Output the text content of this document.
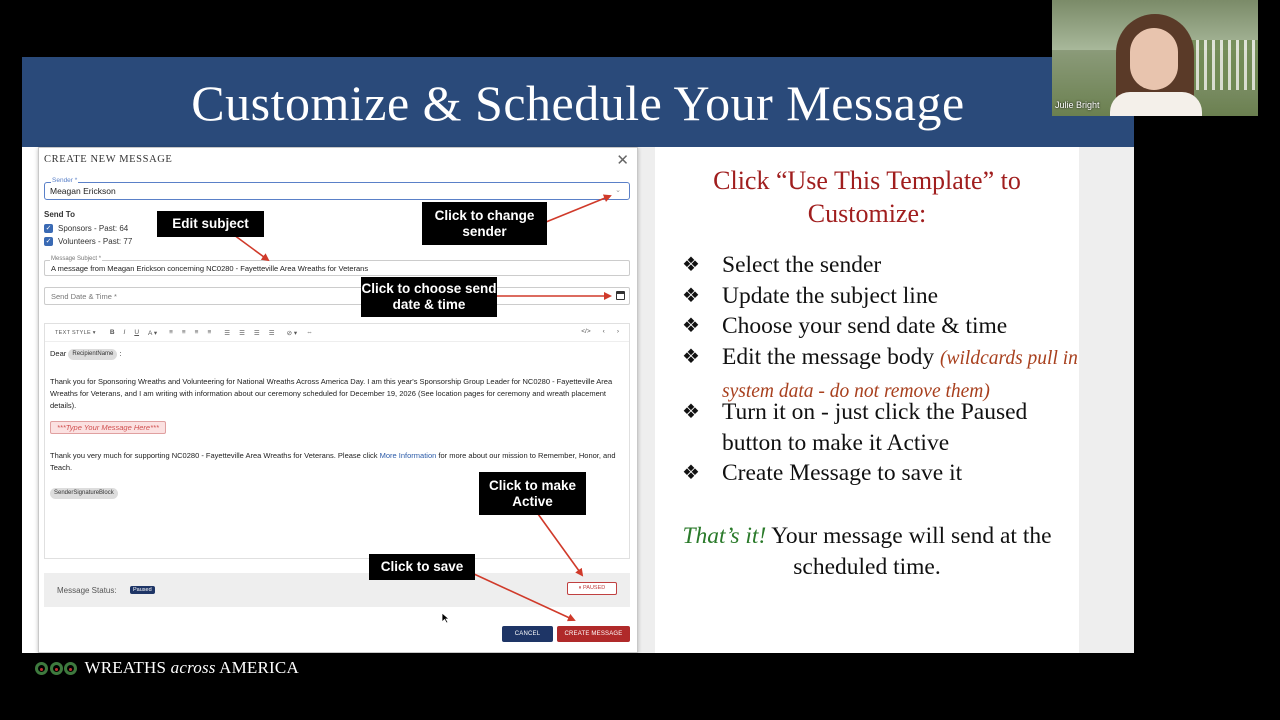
Customize & Schedule Your Message
CREATE NEW MESSAGE	✕
Sender *
Meagan Erickson	⌄
Send To
✓ Sponsors - Past: 64
✓ Volunteers - Past: 77
Message Subject *
A message from Meagan Erickson concerning NC0280 - Fayetteville Area Wreaths for Veterans
Send Date & Time *
TEXT STYLE ▾ B I U A ▾ ≡ ≡ ≡ ≡ ☰ ☰ ☰ ☰ ⊘ ▾ ⇔	</> ‹ ›
Dear RecipientName :
Thank you for Sponsoring Wreaths and Volunteering for National Wreaths Across America Day. I am this year's Sponsorship Group Leader for NC0280 - Fayetteville Area Wreaths for Veterans, and I am writing with information about our ceremony scheduled for December 19, 2026 (See location pages for ceremony and wreath placement details).
***Type Your Message Here***
Thank you very much for supporting NC0280 - Fayetteville Area Wreaths for Veterans. Please click More Information for more about our mission to Remember, Honor, and Teach.
SenderSignatureBlock
Message Status:	Paused	⏸ PAUSED
CANCEL	CREATE MESSAGE
Click “Use This Template” to Customize:
❖ Select the sender
❖ Update the subject line
❖ Choose your send date & time
❖ Edit the message body (wildcards pull in system data - do not remove them)
❖ Turn it on - just click the Paused button to make it Active
❖ Create Message to save it
That’s it! Your message will send at the scheduled time.
Edit subject
Click to change sender
Click to choose send date & time
Click to make Active
Click to save
Julie Bright
WREATHS across AMERICA
